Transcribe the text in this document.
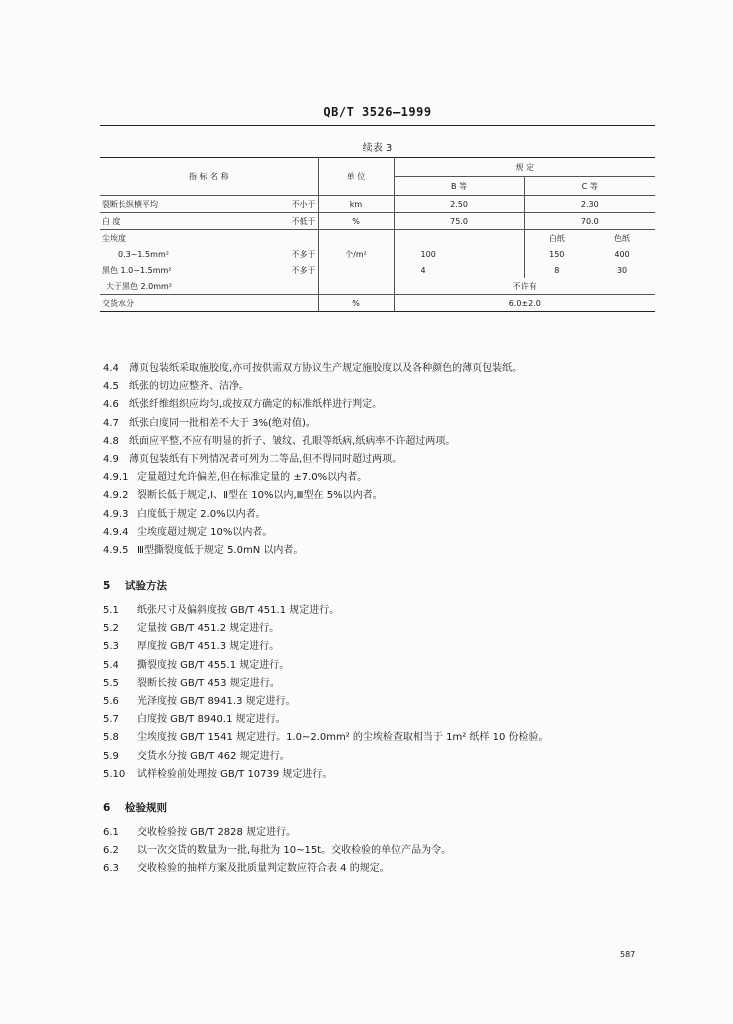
QB/T 3526—1999
续表 3
指 标 名 称		单 位	规 定		
			B 等	C 等	
裂断长纵横平均	不小于	km	2.50	2.30	
白 度	不低于	%	75.0	70.0	
尘埃度				白纸	色纸
0.3~1.5mm²	不多于	个/m²	100	150	400
黑色 1.0~1.5mm²	不多于		4	8	30
大于黑色 2.0mm²			不许有		
交货水分		%	6.0±2.0		
4.4	薄页包装纸采取施胶度,亦可按供需双方协议生产规定施胶度以及各种颜色的薄页包装纸。
4.5	纸张的切边应整齐、洁净。
4.6	纸张纤维组织应均匀,或按双方确定的标准纸样进行判定。
4.7	纸张白度同一批相差不大于 3%(绝对值)。
4.8	纸面应平整,不应有明显的折子、皱纹、孔眼等纸病,纸病率不许超过两项。
4.9	薄页包装纸有下列情况者可列为二等品,但不得同时超过两项。
4.9.1 定量超过允许偏差,但在标准定量的 ±7.0%以内者。
4.9.2 裂断长低于规定,Ⅰ、Ⅱ型在 10%以内,Ⅲ型在 5%以内者。
4.9.3 白度低于规定 2.0%以内者。
4.9.4 尘埃度超过规定 10%以内者。
4.9.5 Ⅲ型撕裂度低于规定 5.0mN 以内者。
5 试验方法
5.1	纸张尺寸及偏斜度按 GB/T 451.1 规定进行。
5.2	定量按 GB/T 451.2 规定进行。
5.3	厚度按 GB/T 451.3 规定进行。
5.4	撕裂度按 GB/T 455.1 规定进行。
5.5	裂断长按 GB/T 453 规定进行。
5.6	光泽度按 GB/T 8941.3 规定进行。
5.7	白度按 GB/T 8940.1 规定进行。
5.8	尘埃度按 GB/T 1541 规定进行。1.0~2.0mm² 的尘埃检查取相当于 1m² 纸样 10 份检验。
5.9	交货水分按 GB/T 462 规定进行。
5.10	试样检验前处理按 GB/T 10739 规定进行。
6 检验规则
6.1	交收检验按 GB/T 2828 规定进行。
6.2	以一次交货的数量为一批,每批为 10~15t。交收检验的单位产品为令。
6.3	交收检验的抽样方案及批质量判定数应符合表 4 的规定。
587
